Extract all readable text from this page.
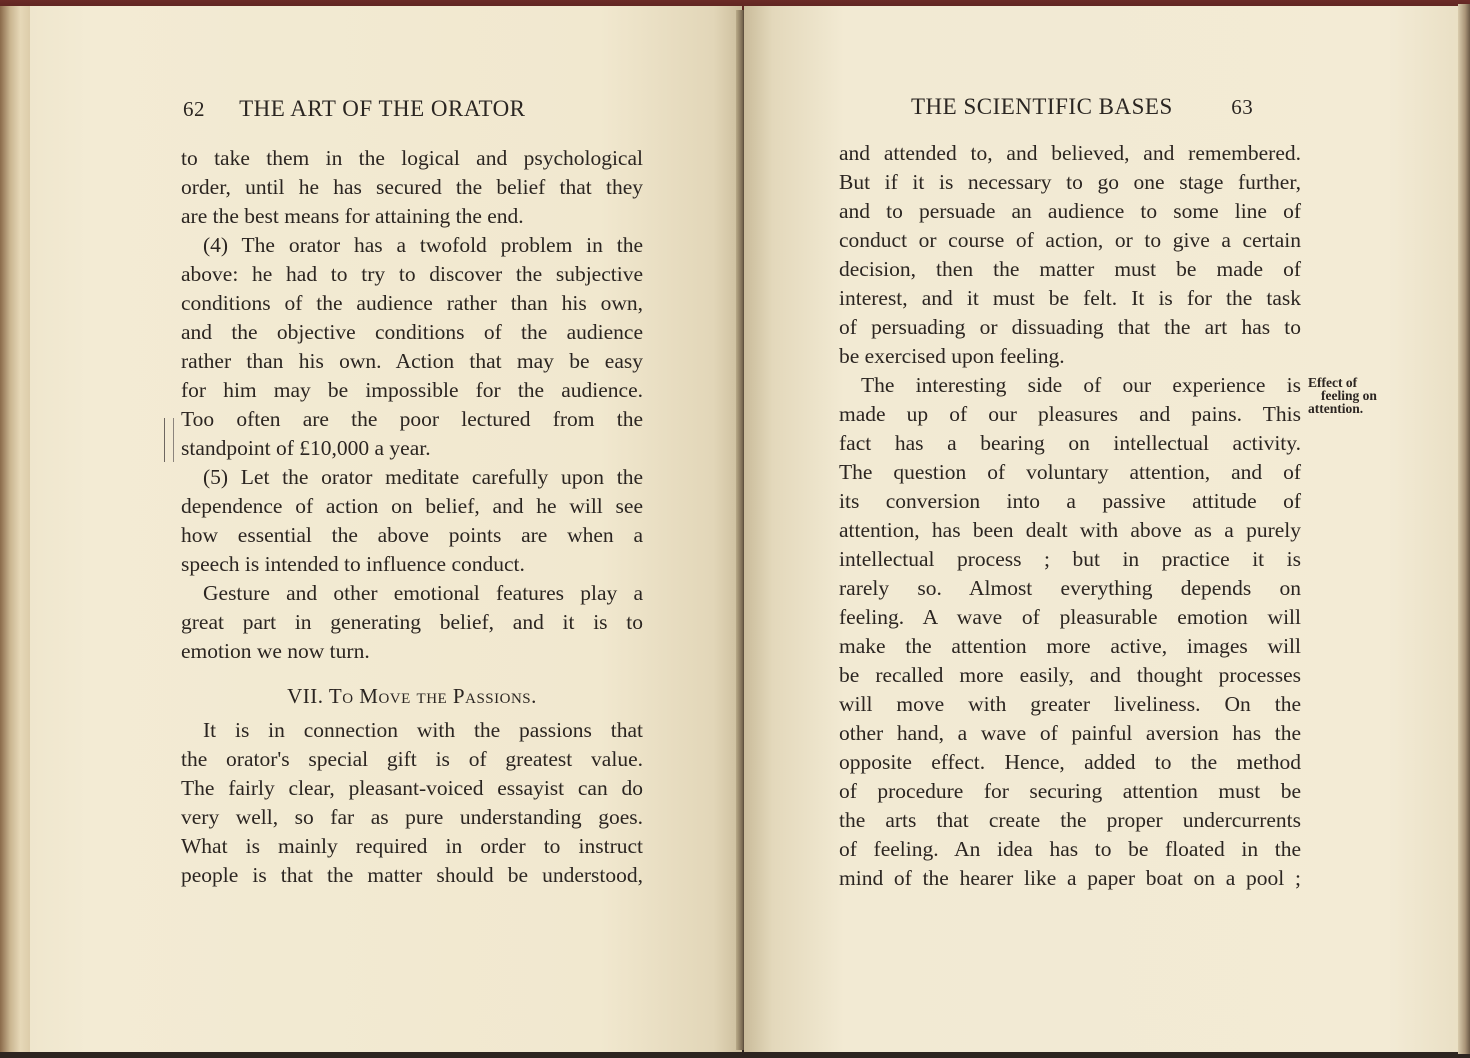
62 THE ART OF THE ORATOR
to take them in the logical and psychological
order, until he has secured the belief that they
are the best means for attaining the end.
(4) The orator has a twofold problem in the
above: he had to try to discover the subjective
conditions of the audience rather than his own,
and the objective conditions of the audience
rather than his own. Action that may be easy
for him may be impossible for the audience.
Too often are the poor lectured from the
standpoint of £10,000 a year.
(5) Let the orator meditate carefully upon the
dependence of action on belief, and he will see
how essential the above points are when a
speech is intended to influence conduct.
Gesture and other emotional features play a
great part in generating belief, and it is to
emotion we now turn.
VII. To Move the Passions.
It is in connection with the passions that
the orator's special gift is of greatest value.
The fairly clear, pleasant-voiced essayist can do
very well, so far as pure understanding goes.
What is mainly required in order to instruct
people is that the matter should be understood,
THE SCIENTIFIC BASES	63
and attended to, and believed, and remembered.
But if it is necessary to go one stage further,
and to persuade an audience to some line of
conduct or course of action, or to give a certain
decision, then the matter must be made of
interest, and it must be felt. It is for the task
of persuading or dissuading that the art has to
be exercised upon feeling.
The interesting side of our experience is
made up of our pleasures and pains. This
fact has a bearing on intellectual activity.
The question of voluntary attention, and of
its conversion into a passive attitude of
attention, has been dealt with above as a purely
intellectual process ; but in practice it is
rarely so. Almost everything depends on
feeling. A wave of pleasurable emotion will
make the attention more active, images will
be recalled more easily, and thought processes
will move with greater liveliness. On the
other hand, a wave of painful aversion has the
opposite effect. Hence, added to the method
of procedure for securing attention must be
the arts that create the proper undercurrents
of feeling. An idea has to be floated in the
mind of the hearer like a paper boat on a pool ;
Effect of
feeling on
attention.
